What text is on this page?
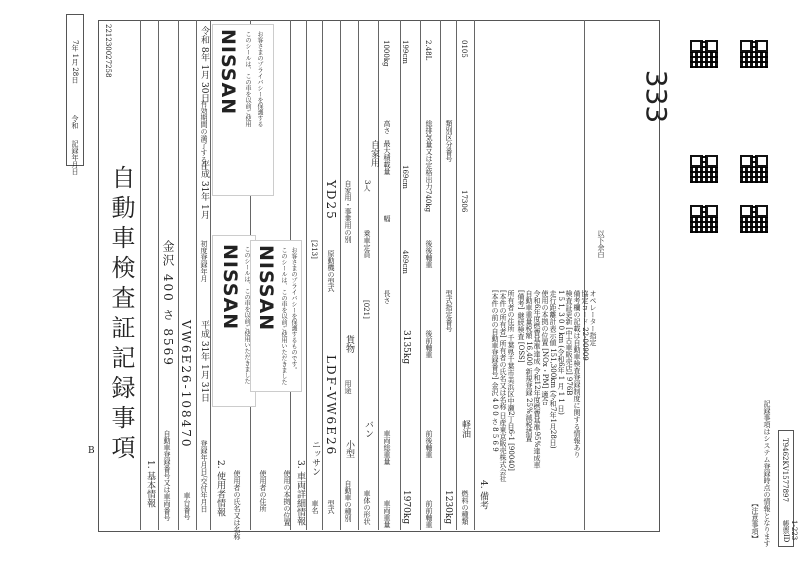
自動車検査証記録事項
B
1. 基本情報 自動車登録番号又は車両番号
金沢 400 さ 8569
車台番号
VW6E26-108470
登録年月日/交付年月日
平成 31年 1月 31日
初度登録年月
平成 31年 1月
有効期間の満了する日
令和 8年 1月 30日
2. 使用者情報 使用者の氏名又は名称	使用者の住所 使用の本拠の位置
NISSAN このシールは、この車を以前ご使用いただきました NISSAN このシールは、この車を以前ご使用いただきました お客さまのプライバシーを保護するものです。
NISSAN このシールは、この車を以前ご使用 お客さまのプライバシーを保護する
3. 車両詳細情報 車名
ニッサン
[213]
型式
LDF-VW6E26
原動機の型式
YD25
自動車の種別
小型
用途
貨物
自家用・事業用の別
自家用
車体の形状
バン
[021]
乗車定員
3人
最大積載量
1000kg
車両重量 1970kg
車両総重量
3135kg
長さ
469cm
幅
169cm
高さ
199cm
前前軸重 1230kg
前後軸重
後前軸重
後後軸重
740kg
総排気量又は定格出力
2.48L
燃料の種類
軽油
型式指定番号
17306
類別区分番号
0105
4. 備考
[本件の前の自動車登録番号] 金沢 4 0 0 さ 8 5 6 9 [本件の所有者] 所有者の氏名又は名称 日産東京販売株式会社 所有者の住所 千葉県千葉市美浜区中瀬2丁目6-1 [90040] [備考] 継続検査 [OSS] 自動車重量税額 16,400 新規登録 25%減税措置 令和6年度燃費基準達成 令和12年度燃費基準95%達成車 使用の本拠の位置 [NOx・PM] 適合 走行距離計表示値 151,300km (令和7年1月28日) 1 5 1, 3 0 0 km (令和6年 1 月 1 1 日) 検査証更新 [中古車販売店] 976B 備考欄の記載は自動車検査登録制度に関する情報あり 協定コード 22-00909 オペレーター指定
以下余白
記録年月日
令和
7年 1月 28日	221230027258
333
【注意事項】 記録事項はシステム登録時点の情報となります 帳票ID
T9462KV1577897
1-223
